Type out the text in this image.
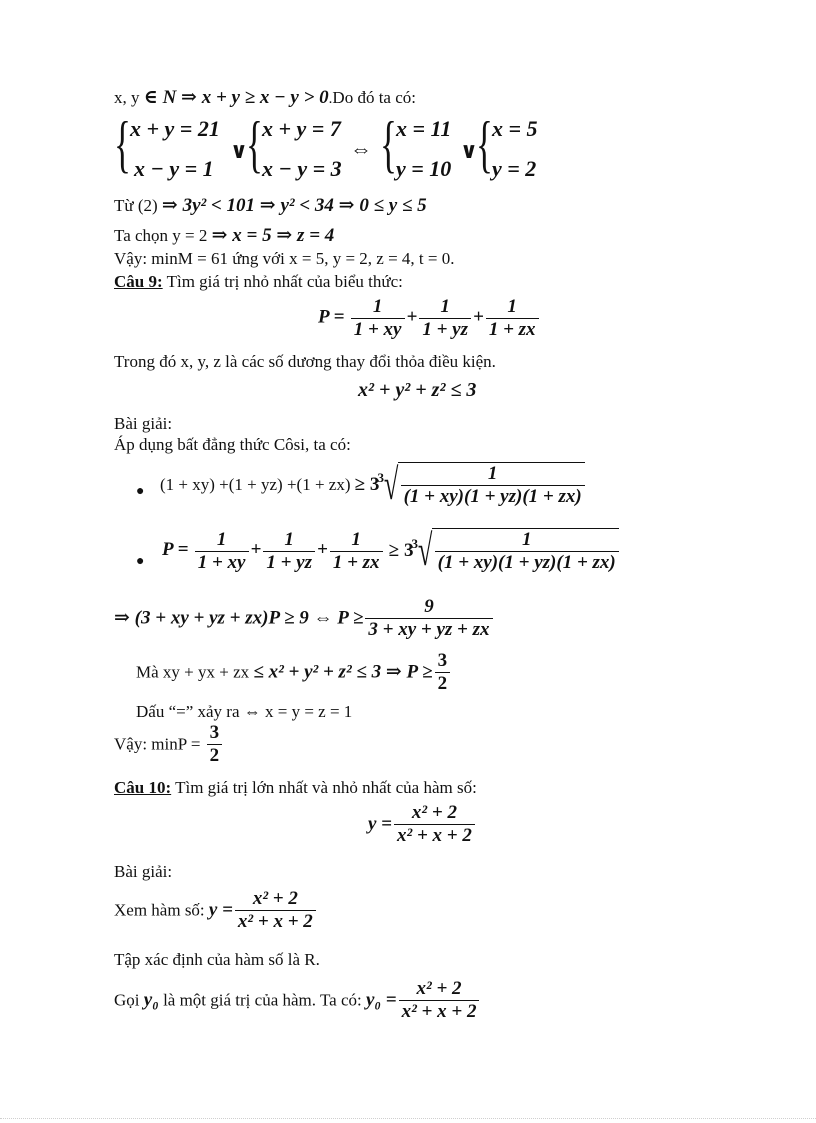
x, y ∈ N ⇒ x + y ≥ x − y > 0.Do đó ta có:
{ x + y = 21
x − y = 1
∨
{ x + y = 7
x − y = 3
⇔ { x = 11
y = 10
∨
{ x = 5
y = 2
Từ (2) ⇒ 3y² < 101 ⇒ y² < 34 ⇒ 0 ≤ y ≤ 5
Ta chọn y = 2 ⇒ x = 5 ⇒ z = 4
Vậy: minM = 61 ứng với x = 5, y = 2, z = 4, t = 0.
Câu 9: Tìm giá trị nhỏ nhất của biểu thức:
$P = \frac{1}{1 + xy} + \frac{1}{1 + yz} + \frac{1}{1 + zx}$
Trong đó x, y, z là các số dương thay đổi thỏa điều kiện.
x² + y² + z² ≤ 3
Bài giải:
Áp dụng bất đẳng thức Côsi, ta có:
● (1 + xy) +(1 + yz) +(1 + zx) ≥ 3
3 √ $\frac{1}{(1 + xy)(1 + yz)(1 + zx)}$
●
$P = \frac{1}{1 + xy} + \frac{1}{1 + yz} + \frac{1}{1 + zx} \ge 3$
3 √ $\frac{1}{(1 + xy)(1 + yz)(1 + zx)}$
⇒ (3 + xy + yz + zx)P ≥ 9 ⇔ $P \ge \frac{9}{3 + xy + yz + zx}$
Mà xy + yx + zx ≤ x² + y² + z² ≤ 3 ⇒ $P \ge \frac{3}{2}$
Dấu “=” xảy ra ⇔ x = y = z = 1
Vậy: $\min P = \frac{3}{2}$
Câu 10: Tìm giá trị lớn nhất và nhỏ nhất của hàm số:
$y = \frac{\text{x² + 2}}{\text{x² + x + 2}}$
Bài giải:
Xem hàm số: $y = \frac{\text{x² + 2}}{\text{x² + x + 2}}$
Tập xác định của hàm số là R.
Gọi y₀ là một giá trị của hàm. Ta có: $y_0 = \frac{\text{x² + 2}}{\text{x² + x + 2}}$
